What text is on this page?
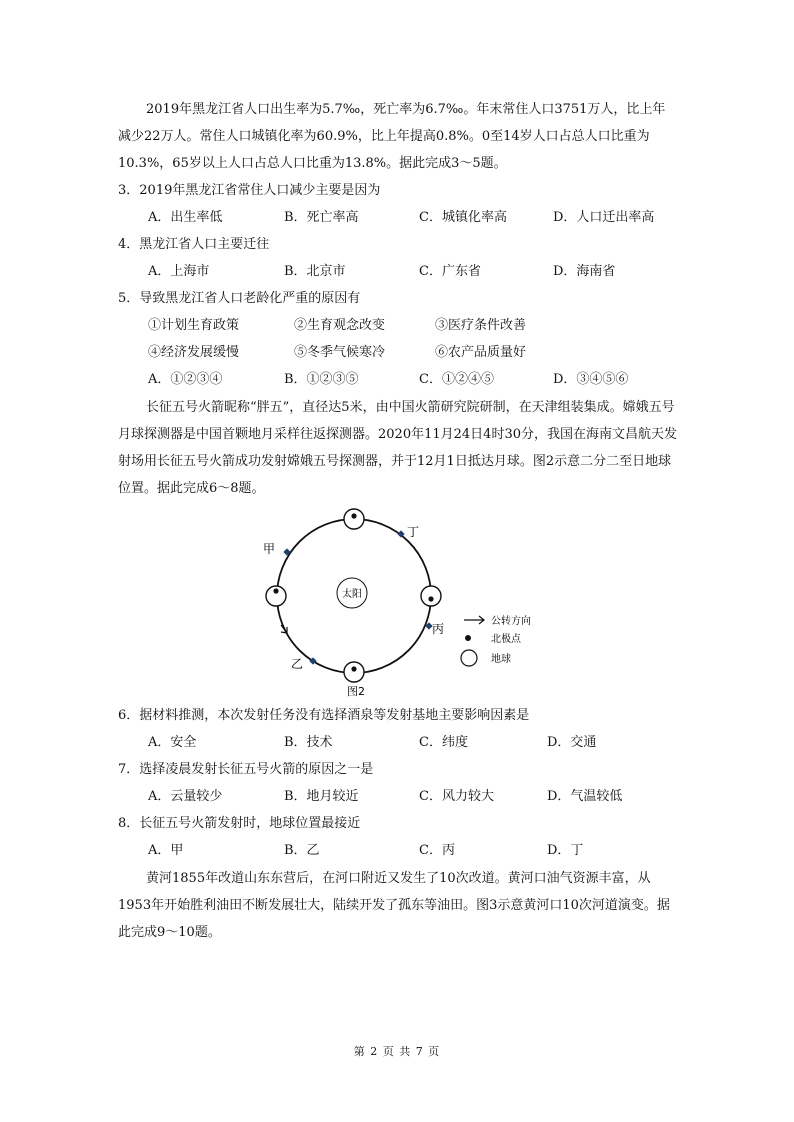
2019年黑龙江省人口出生率为5.7‰，死亡率为6.7‰。年末常住人口3751万人，比上年减少22万人。常住人口城镇化率为60.9%，比上年提高0.8%。0至14岁人口占总人口比重为10.3%，65岁以上人口占总人口比重为13.8%。据此完成3～5题。

3．2019年黑龙江省常住人口减少主要是因为

A．出生率低	B．死亡率高	C．城镇化率高	D．人口迁出率高

4．黑龙江省人口主要迁往

A．上海市	B．北京市	C．广东省	D．海南省

5．导致黑龙江省人口老龄化严重的原因有

①计划生育政策	②生育观念改变	③医疗条件改善
④经济发展缓慢	⑤冬季气候寒冷	⑥农产品质量好
A．①②③④	B．①②③⑤	C．①②④⑤	D．③④⑤⑥

长征五号火箭昵称“胖五”，直径达5米，由中国火箭研究院研制，在天津组装集成。嫦娥五号月球探测器是中国首颗地月采样往返探测器。2020年11月24日4时30分，我国在海南文昌航天发射场用长征五号火箭成功发射嫦娥五号探测器，并于12月1日抵达月球。图2示意二分二至日地球位置。据此完成6～8题。

太阳
甲
丁
丙
乙
公转方向
北极点
地球
图2

6．据材料推测，本次发射任务没有选择酒泉等发射基地主要影响因素是

A．安全	B．技术	C．纬度	D．交通

7．选择凌晨发射长征五号火箭的原因之一是

A．云量较少	B．地月较近	C．风力较大	D．气温较低

8．长征五号火箭发射时，地球位置最接近

A．甲	B．乙	C．丙	D．丁

黄河1855年改道山东东营后，在河口附近又发生了10次改道。黄河口油气资源丰富，从1953年开始胜利油田不断发展壮大，陆续开发了孤东等油田。图3示意黄河口10次河道演变。据此完成9～10题。

第 2 页 共 7 页
